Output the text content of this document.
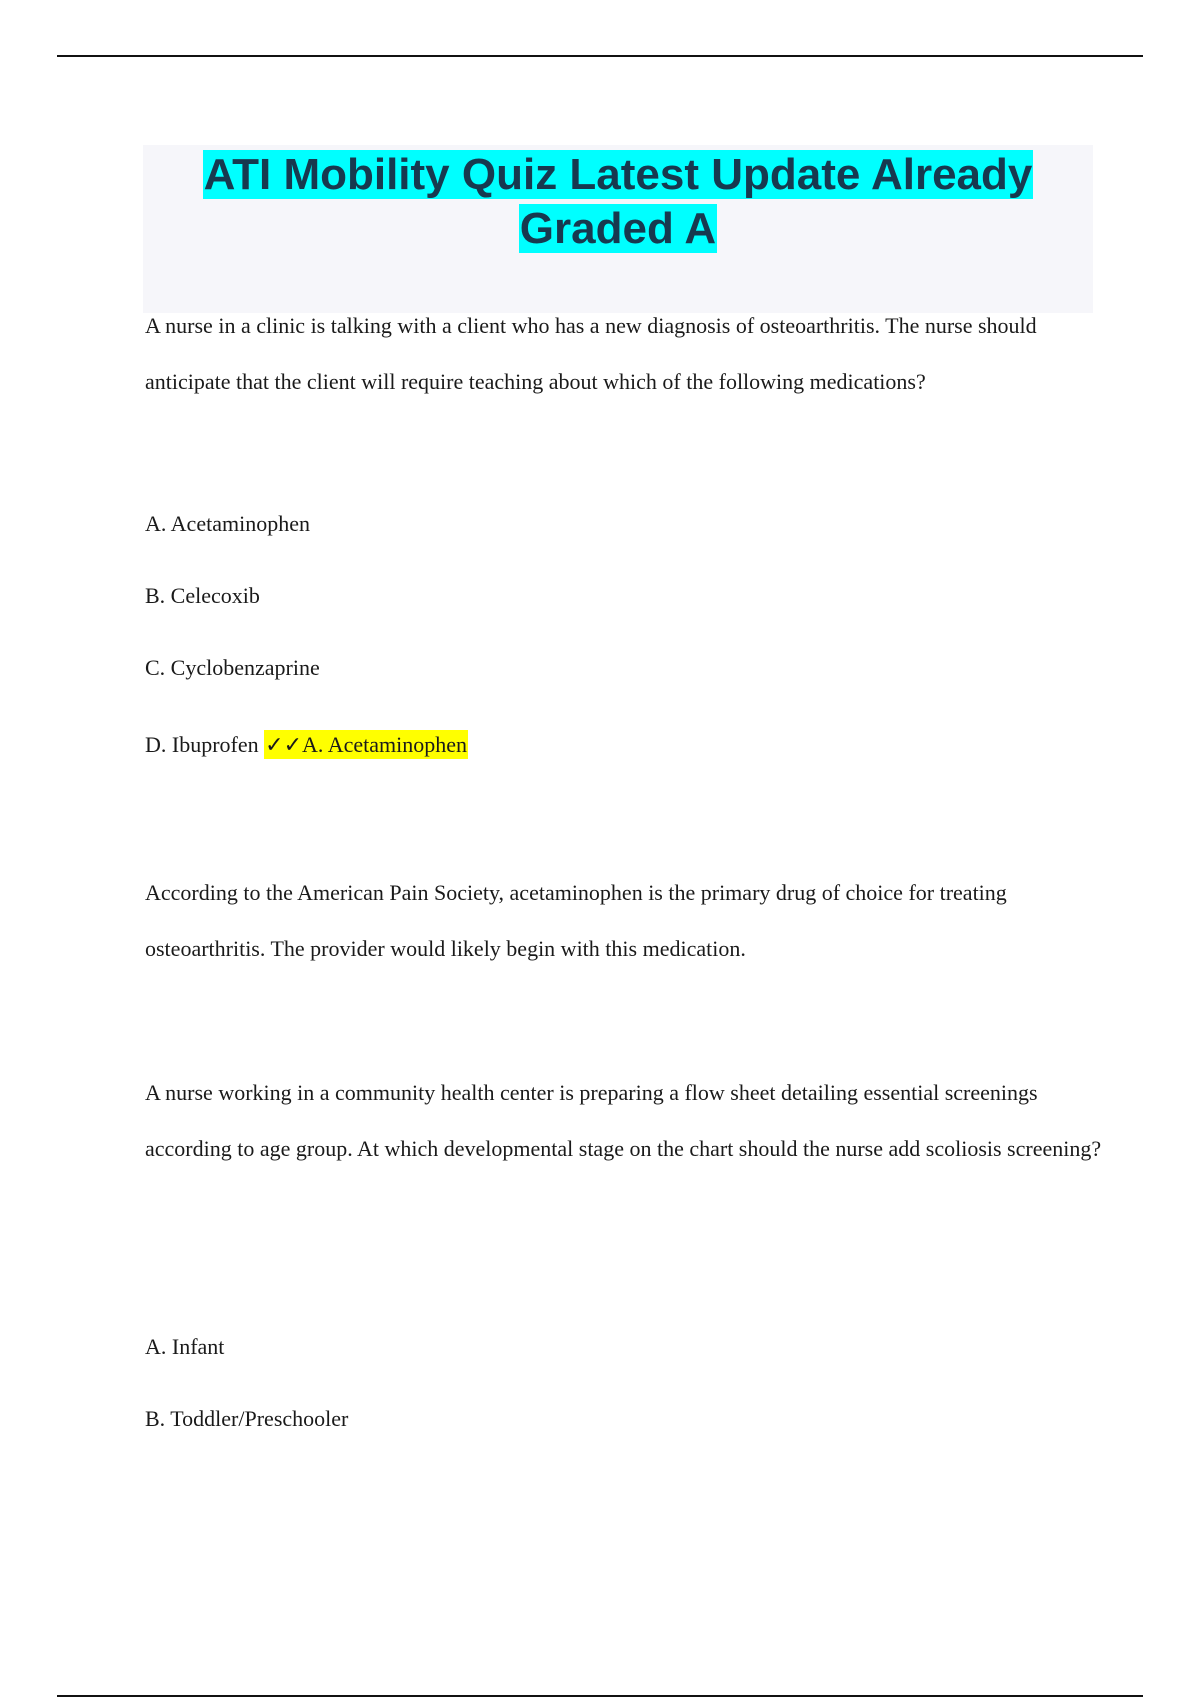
ATI Mobility Quiz Latest Update Already
Graded A

A nurse in a clinic is talking with a client who has a new diagnosis of osteoarthritis. The nurse should anticipate that the client will require teaching about which of the following medications?

A. Acetaminophen
B. Celecoxib
C. Cyclobenzaprine
D. Ibuprofen ✓✓A. Acetaminophen

According to the American Pain Society, acetaminophen is the primary drug of choice for treating osteoarthritis. The provider would likely begin with this medication.

A nurse working in a community health center is preparing a flow sheet detailing essential screenings according to age group. At which developmental stage on the chart should the nurse add scoliosis screening?

A. Infant
B. Toddler/Preschooler
